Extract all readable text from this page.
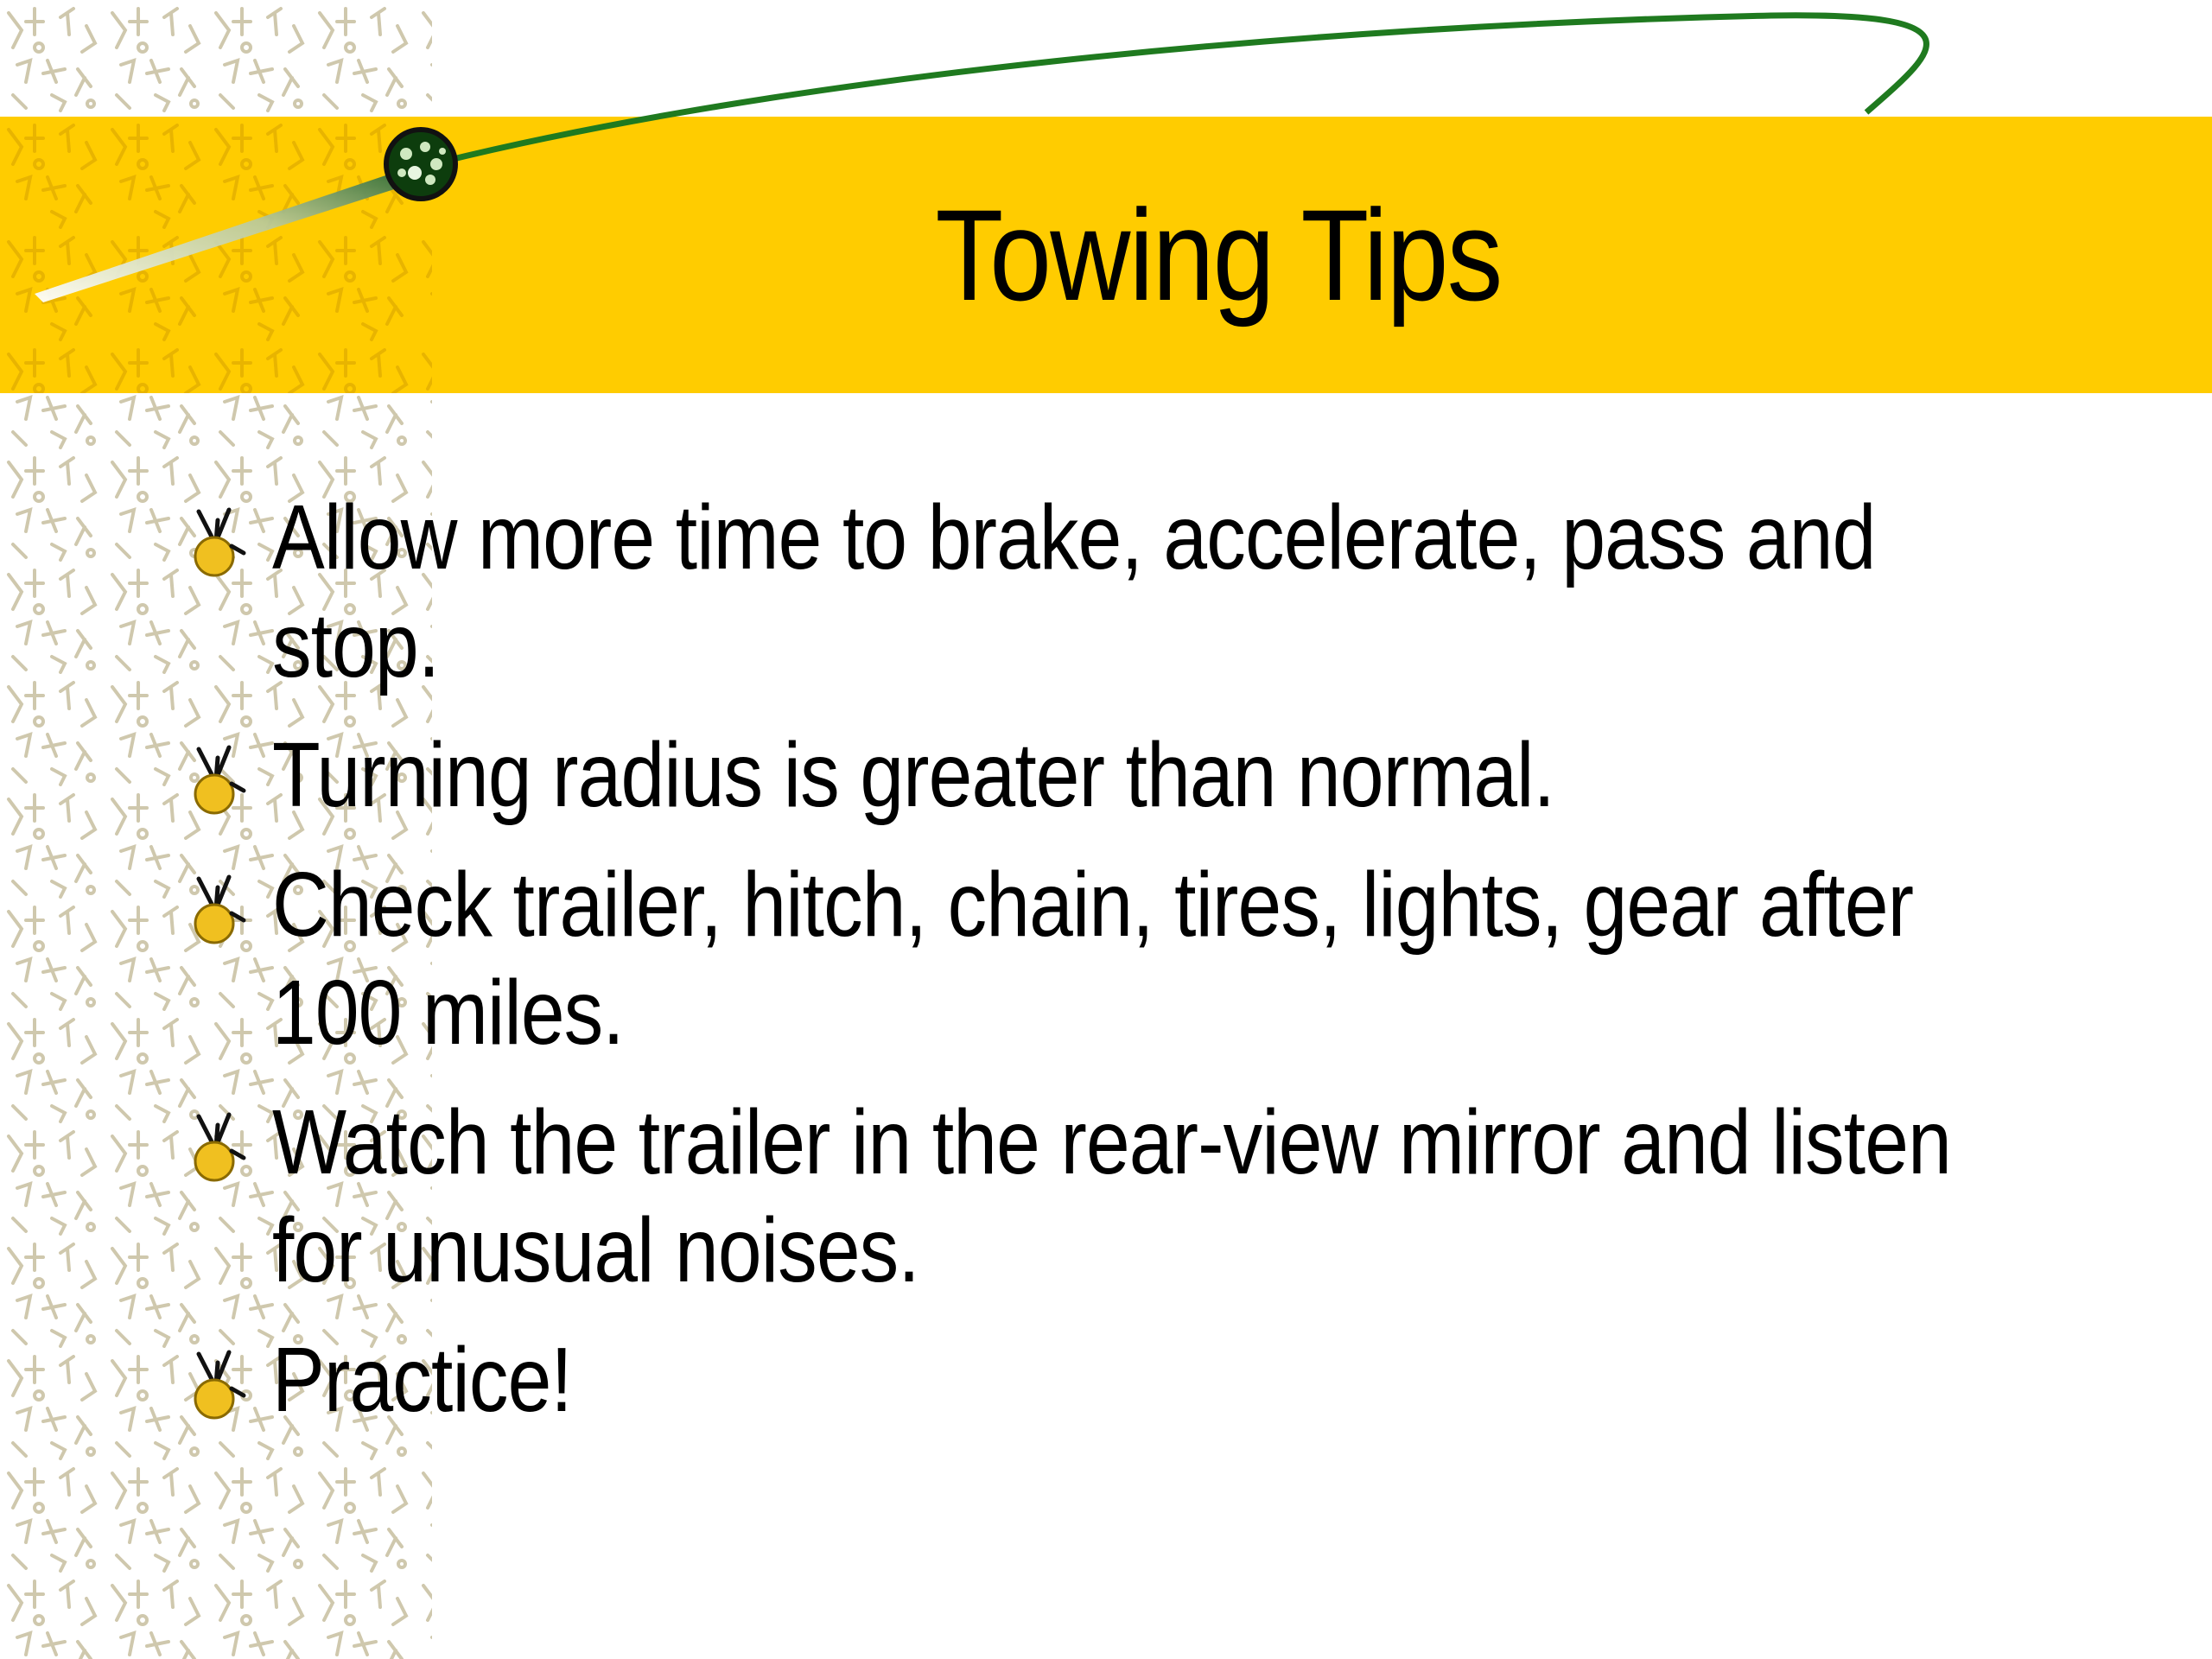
Towing Tips
Allow more time to brake, accelerate, pass and stop.
Turning radius is greater than normal.
Check trailer, hitch, chain, tires, lights, gear after 100 miles.
Watch the trailer in the rear-view mirror and listen for unusual noises.
Practice!
